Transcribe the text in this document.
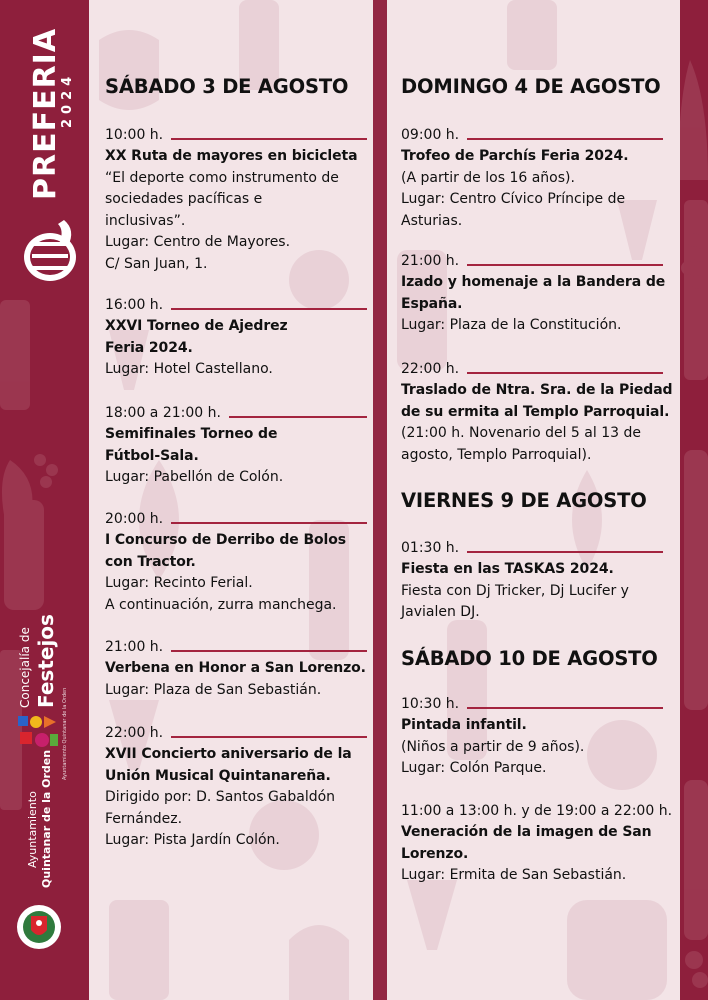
PREFERIA
2024
Concejalía de Festejos
Ayuntamiento Quintanar de la Orden
Ayuntamiento Quintanar de la Orden
SÁBADO 3 DE AGOSTO
10:00 h.
XX Ruta de mayores en bicicleta
“El deporte como instrumento de
sociedades pacíficas e
inclusivas”.
Lugar: Centro de Mayores.
C/ San Juan, 1.
16:00 h.
XXVI Torneo de Ajedrez
Feria 2024.
Lugar: Hotel Castellano.
18:00 a 21:00 h.
Semifinales Torneo de
Fútbol-Sala.
Lugar: Pabellón de Colón.
20:00 h.
I Concurso de Derribo de Bolos
con Tractor.
Lugar: Recinto Ferial.
A continuación, zurra manchega.
21:00 h.
Verbena en Honor a San Lorenzo.
Lugar: Plaza de San Sebastián.
22:00 h.
XVII Concierto aniversario de la
Unión Musical Quintanareña.
Dirigido por: D. Santos Gabaldón
Fernández.
Lugar: Pista Jardín Colón.
DOMINGO 4 DE AGOSTO
09:00 h.
Trofeo de Parchís Feria 2024.
(A partir de los 16 años).
Lugar: Centro Cívico Príncipe de
Asturias.
21:00 h.
Izado y homenaje a la Bandera de
España.
Lugar: Plaza de la Constitución.
22:00 h.
Traslado de Ntra. Sra. de la Piedad
de su ermita al Templo Parroquial.
(21:00 h. Novenario del 5 al 13 de
agosto, Templo Parroquial).
VIERNES 9 DE AGOSTO
01:30 h.
Fiesta en las TASKAS 2024.
Fiesta con Dj Tricker, Dj Lucifer y
Javialen DJ.
SÁBADO 10 DE AGOSTO
10:30 h.
Pintada infantil.
(Niños a partir de 9 años).
Lugar: Colón Parque.
11:00 a 13:00 h. y de 19:00 a 22:00 h.
Veneración de la imagen de San
Lorenzo.
Lugar: Ermita de San Sebastián.
